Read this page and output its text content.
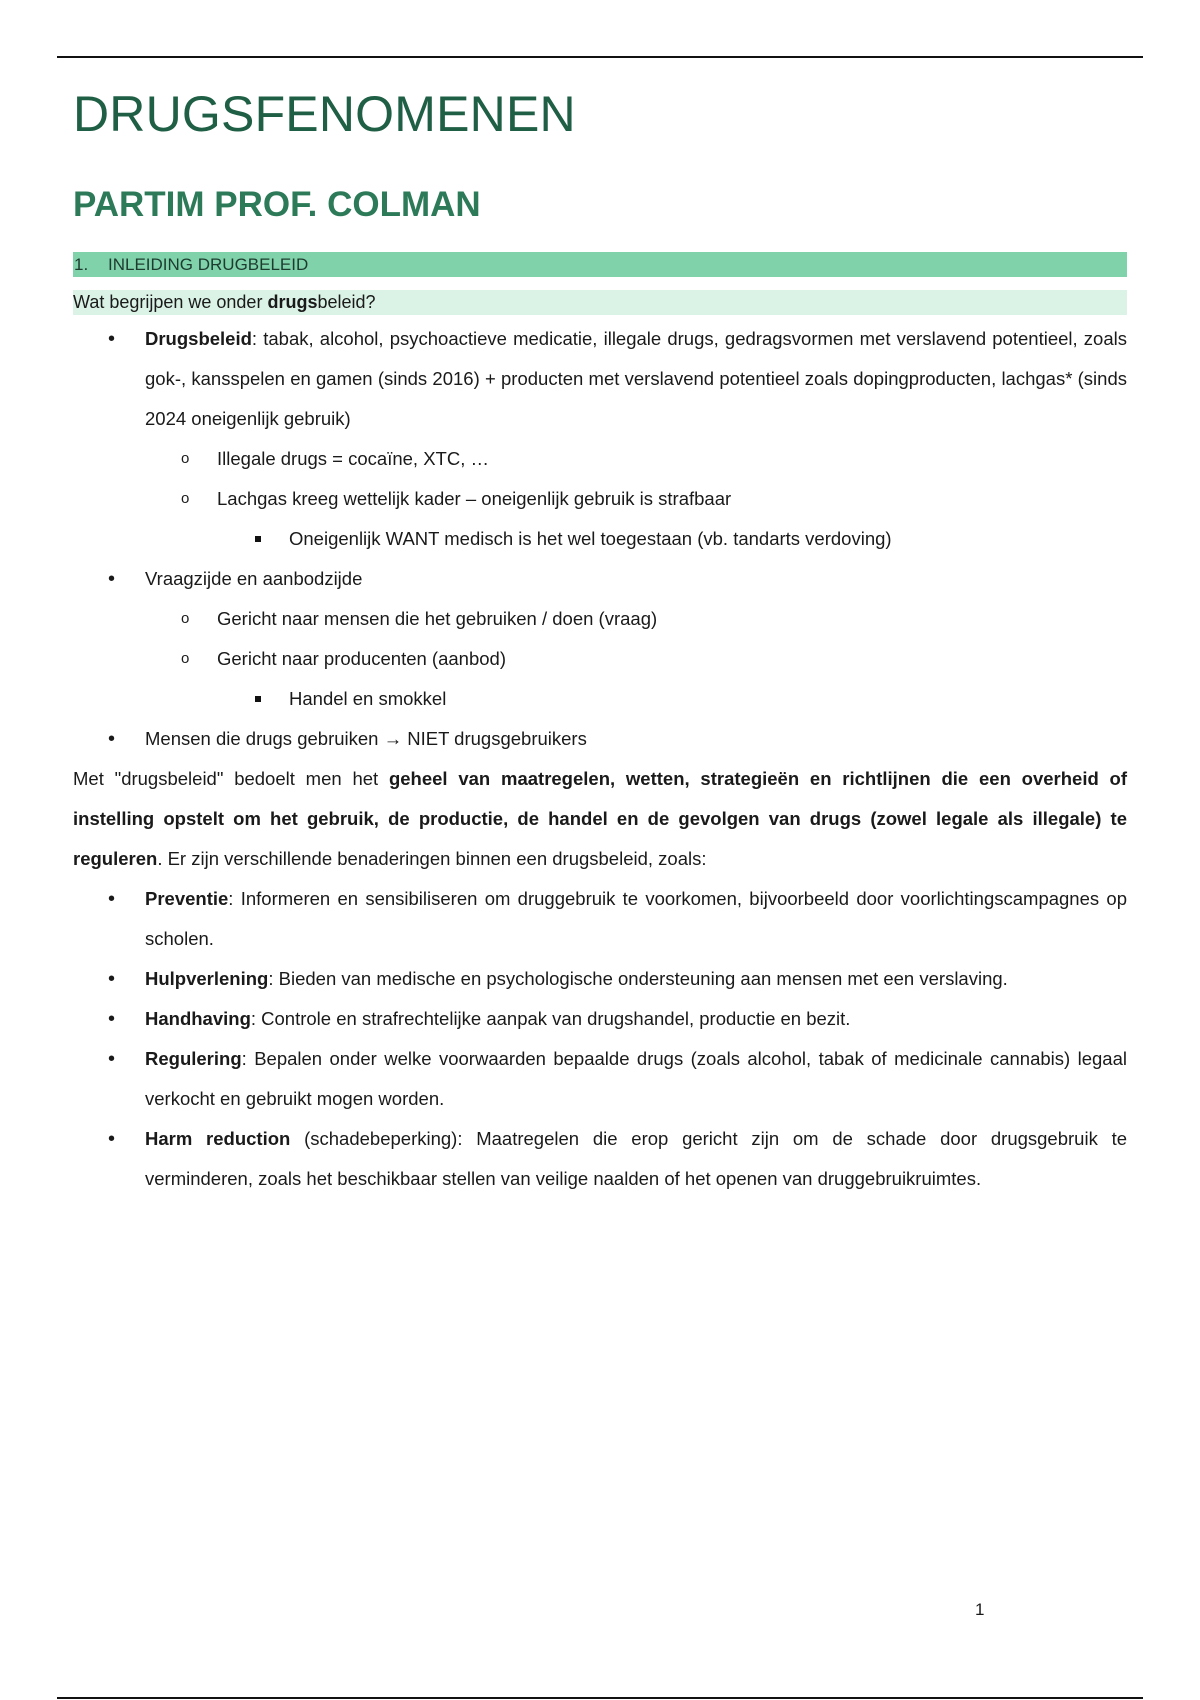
DRUGSFENOMENEN
PARTIM PROF. COLMAN
1. INLEIDING DRUGBELEID
Wat begrijpen we onder drugsbeleid?
• Drugsbeleid: tabak, alcohol, psychoactieve medicatie, illegale drugs, gedragsvormen met verslavend potentieel, zoals gok-, kansspelen en gamen (sinds 2016) + producten met verslavend potentieel zoals dopingproducten, lachgas* (sinds 2024 oneigenlijk gebruik)
o Illegale drugs = cocaïne, XTC, …
o Lachgas kreeg wettelijk kader – oneigenlijk gebruik is strafbaar
Oneigenlijk WANT medisch is het wel toegestaan (vb. tandarts verdoving)
• Vraagzijde en aanbodzijde
o Gericht naar mensen die het gebruiken / doen (vraag)
o Gericht naar producenten (aanbod)
Handel en smokkel
• Mensen die drugs gebruiken → NIET drugsgebruikers

Met "drugsbeleid" bedoelt men het geheel van maatregelen, wetten, strategieën en richtlijnen die een overheid of instelling opstelt om het gebruik, de productie, de handel en de gevolgen van drugs (zowel legale als illegale) te reguleren. Er zijn verschillende benaderingen binnen een drugsbeleid, zoals:

• Preventie: Informeren en sensibiliseren om druggebruik te voorkomen, bijvoorbeeld door voorlichtingscampagnes op scholen.
• Hulpverlening: Bieden van medische en psychologische ondersteuning aan mensen met een verslaving.
• Handhaving: Controle en strafrechtelijke aanpak van drugshandel, productie en bezit.
• Regulering: Bepalen onder welke voorwaarden bepaalde drugs (zoals alcohol, tabak of medicinale cannabis) legaal verkocht en gebruikt mogen worden.
• Harm reduction (schadebeperking): Maatregelen die erop gericht zijn om de schade door drugsgebruik te verminderen, zoals het beschikbaar stellen van veilige naalden of het openen van druggebruikruimtes.
1
